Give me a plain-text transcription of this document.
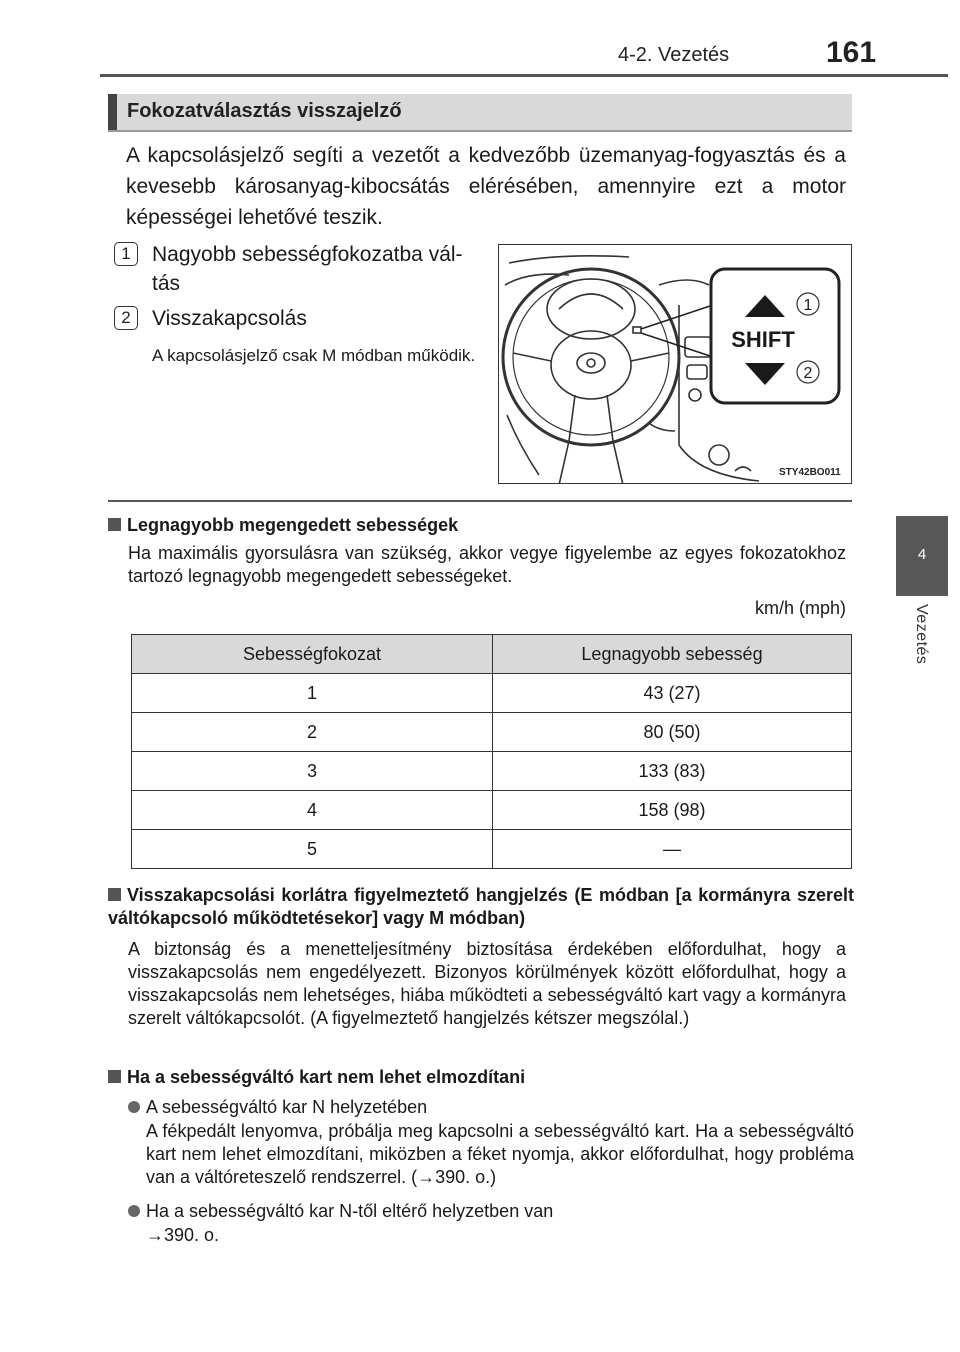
4-2. Vezetés	161
4
Vezetés
Fokozatválasztás visszajelző
A kapcsolásjelző segíti a vezetőt a kedvezőbb üzemanyag-fogyasztás és a kevesebb károsanyag-kibocsátás elérésében, amennyire ezt a motor képességei lehetővé teszik.
1	Nagyobb sebességfokozatba vál-
tás
2	Visszakapcsolás
A kapcsolásjelző csak M módban működik.
SHIFT
1
2
STY42BO011
Legnagyobb megengedett sebességek
Ha maximális gyorsulásra van szükség, akkor vegye figyelembe az egyes fokozatokhoz tartozó legnagyobb megengedett sebességeket.
km/h (mph)
Sebességfokozat	Legnagyobb sebesség
1	43 (27)
2	80 (50)
3	133 (83)
4	158 (98)
5	—
Visszakapcsolási korlátra figyelmeztető hangjelzés (E módban [a kormányra szerelt váltókapcsoló működtetésekor] vagy M módban)
A biztonság és a menetteljesítmény biztosítása érdekében előfordulhat, hogy a visszakapcsolás nem engedélyezett. Bizonyos körülmények között előfordulhat, hogy a visszakapcsolás nem lehetséges, hiába működteti a sebességváltó kart vagy a kormányra szerelt váltókapcsolót. (A figyelmeztető hangjelzés kétszer megszólal.)
Ha a sebességváltó kart nem lehet elmozdítani
A sebességváltó kar N helyzetében
A fékpedált lenyomva, próbálja meg kapcsolni a sebességváltó kart. Ha a sebességváltó kart nem lehet elmozdítani, miközben a féket nyomja, akkor előfordulhat, hogy probléma van a váltóreteszelő rendszerrel. (→390. o.)
Ha a sebességváltó kar N-től eltérő helyzetben van
→390. o.
